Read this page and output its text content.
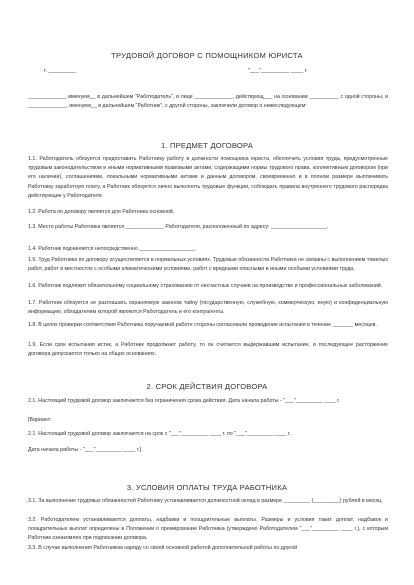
ТРУДОВОЙ ДОГОВОР С ПОМОЩНИКОМ ЮРИСТА
г. _________	"___"_________ ____ г.
_____________ именуем__ в дальнейшем "Работодатель", в лице _____________, действующ___ на основании __________ с одной стороны, и _____________, именуем__ в дальнейшем "Работник", с другой стороны, заключили договор о нижеследующем:
1. ПРЕДМЕТ ДОГОВОРА
1.1. Работодатель обязуется предоставить Работнику работу в должности помощника юриста, обеспечить условия труда, предусмотренные трудовым законодательством и иными нормативными правовыми актами, содержащими нормы трудового права, коллективным договором (при его наличии), соглашениями, локальными нормативными актами и данным договором, своевременно и в полном размере выплачивать Работнику заработную плату, а Работник обязуется лично выполнять трудовые функции, соблюдать правила внутреннего трудового распорядка действующие у Работодателя.
1.2. Работа по договору является для Работника основной.
1.3. Место работы Работника является _____________ Работодателя, расположенный по адресу: ___________________.
1.4. Работник подчиняется непосредственно ___________________.
1.5. Труд Работника по договору осуществляется в нормальных условиях. Трудовые обязанности Работника не связаны с выполнением тяжелых работ, работ в местностях с особыми климатическими условиями, работ с вредными опасными и иными особыми условиями труда.
1.6. Работник подлежит обязательному социальному страхованию от несчастных случаев на производстве и профессиональных заболеваний.
1.7. Работник обязуется не разглашать охраняемую законом тайну (государственную, служебную, коммерческую, иную) и конфиденциальную информацию, обладателем которой являются Работодатель и его контрагенты.
1.8. В целях проверки соответствия Работника поручаемой работе стороны согласовали проведение испытания в течение _______ месяцев.
1.9. Если срок испытания истек, а Работник продолжает работу, то он считается выдержавшим испытание, и последующее расторжение договора допускается только на общих основаниях.
2. СРОК ДЕЙСТВИЯ ДОГОВОРА
2.1. Настоящий трудовой договор заключается без ограничения срока действия. Дата начала работы - "___"_________ ____ г.
[Вариант:
2.1. Настоящий трудовой договор заключается на срок с "___"_________ ____ г. по "___"_________ ____ г.
Дата начала работы - "___"_________ ____ г.]
3. УСЛОВИЯ ОПЛАТЫ ТРУДА РАБОТНИКА
3.1. За выполнение трудовых обязанностей Работнику устанавливается должностной оклад в размере _________ (_________) рублей в месяц.
3.2. Работодателем устанавливаются доплаты, надбавки и поощрительные выплаты. Размеры и условия таких доплат, надбавок и поощрительных выплат определены в Положении о премировании Работника (утверждено Работодателем "___"_________ ____ г.), с которым Работник ознакомлен при подписании договора.
3.3. В случае выполнения Работником наряду со своей основной работой дополнительной работы по другой
